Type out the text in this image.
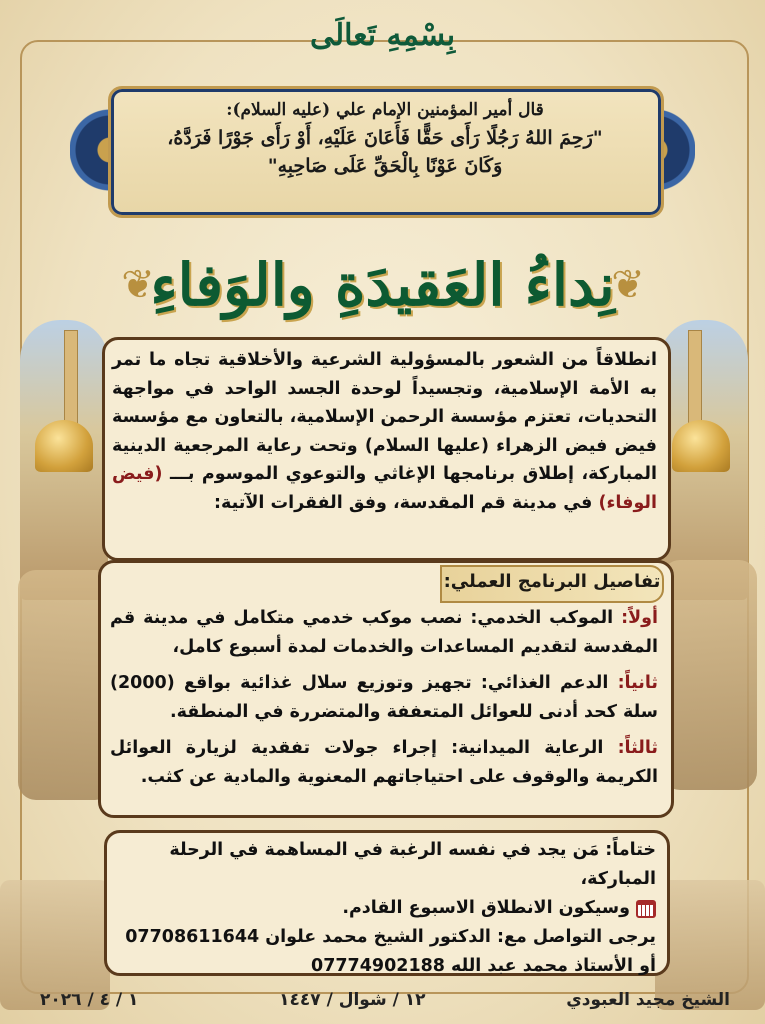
بِسْمِهِ تَعالَى
قال أمير المؤمنين الإمام علي (عليه السلام):
"رَحِمَ اللهُ رَجُلًا رَأَى حَقًّا فَأَعَانَ عَلَيْهِ، أَوْ رَأَى جَوْرًا فَرَدَّهُ،
وَكَانَ عَوْنًا بِالْحَقِّ عَلَى صَاحِبِهِ"
❦	❦
نِداءُ العَقيدَةِ والوَفاءِ
انطلاقاً من الشعور بالمسؤولية الشرعية والأخلاقية تجاه ما تمر به الأمة الإسلامية، وتجسيداً لوحدة الجسد الواحد في مواجهة التحديات، تعتزم مؤسسة الرحمن الإسلامية، بالتعاون مع مؤسسة فيض فيض الزهراء (عليها السلام) وتحت رعاية المرجعية الدينية المباركة، إطلاق برنامجها الإغاثي والتوعوي الموسوم بـــ (فيض الوفاء) في مدينة قم المقدسة، وفق الفقرات الآتية:
تفاصيل البرنامج العملي:
أولاً: الموكب الخدمي: نصب موكب خدمي متكامل في مدينة قم المقدسة لتقديم المساعدات والخدمات لمدة أسبوع كامل،
ثانياً: الدعم الغذائي: تجهيز وتوزيع سلال غذائية بواقع (2000) سلة كحد أدنى للعوائل المتعففة والمتضررة في المنطقة.
ثالثاً: الرعاية الميدانية: إجراء جولات تفقدية لزيارة العوائل الكريمة والوقوف على احتياجاتهم المعنوية والمادية عن كثب.
ختاماً: مَن يجد في نفسه الرغبة في المساهمة في الرحلة المباركة،
وسيكون الانطلاق الاسبوع القادم.
يرجى التواصل مع: الدكتور الشيخ محمد علوان
07708611644
أو الأستاذ محمد عبد الله
07774902188
الشيخ مجيد العبودي
١٢ / شوال / ١٤٤٧
١ / ٤ / ٢٠٢٦
